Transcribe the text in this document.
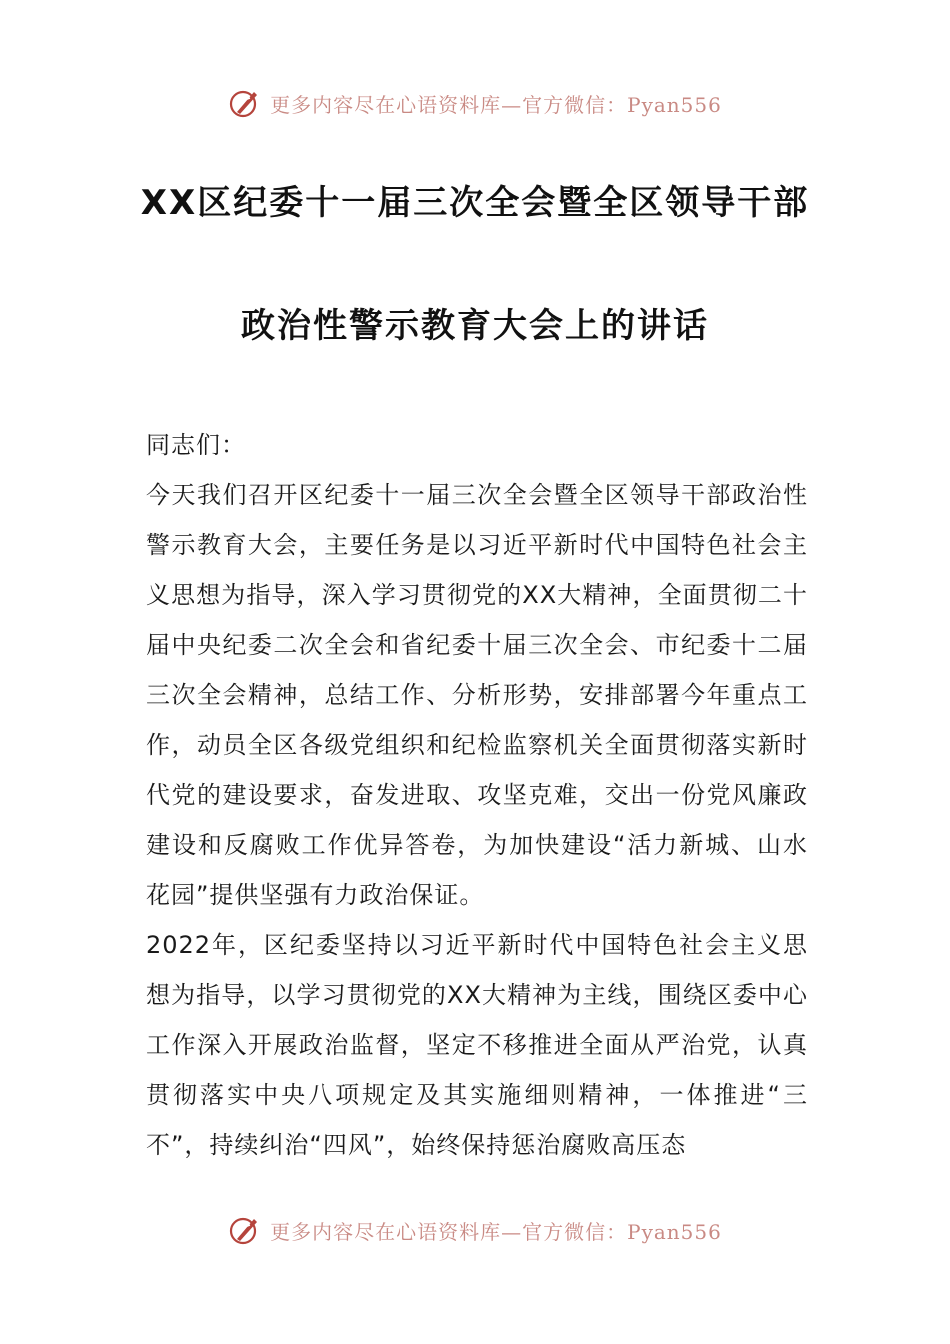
更多内容尽在心语资料库—官方微信：Pyan556
XX区纪委十一届三次全会暨全区领导干部
政治性警示教育大会上的讲话

同志们：

今天我们召开区纪委十一届三次全会暨全区领导干部政治性警示教育大会，主要任务是以习近平新时代中国特色社会主义思想为指导，深入学习贯彻党的XX大精神，全面贯彻二十届中央纪委二次全会和省纪委十届三次全会、市纪委十二届三次全会精神，总结工作、分析形势，安排部署今年重点工作，动员全区各级党组织和纪检监察机关全面贯彻落实新时代党的建设要求，奋发进取、攻坚克难，交出一份党风廉政建设和反腐败工作优异答卷，为加快建设“活力新城、山水花园”提供坚强有力政治保证。

2022年，区纪委坚持以习近平新时代中国特色社会主义思想为指导，以学习贯彻党的XX大精神为主线，围绕区委中心工作深入开展政治监督，坚定不移推进全面从严治党，认真贯彻落实中央八项规定及其实施细则精神，一体推进“三不”，持续纠治“四风”，始终保持惩治腐败高压态

更多内容尽在心语资料库—官方微信：Pyan556
